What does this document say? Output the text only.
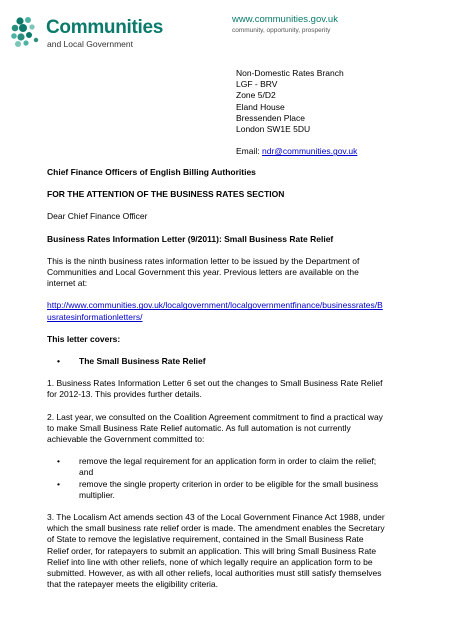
Communities
and Local Government
www.communities.gov.uk
community, opportunity, prosperity
Non-Domestic Rates Branch
LGF - BRV
Zone 5/D2
Eland House
Bressenden Place
London SW1E 5DU
Email: ndr@communities.gov.uk

Chief Finance Officers of English Billing Authorities

FOR THE ATTENTION OF THE BUSINESS RATES SECTION

Dear Chief Finance Officer

Business Rates Information Letter (9/2011): Small Business Rate Relief

This is the ninth business rates information letter to be issued by the Department of Communities and Local Government this year. Previous letters are available on the internet at:

http://www.communities.gov.uk/localgovernment/localgovernmentfinance/businessrates/Busratesinformationletters/

This letter covers:

• The Small Business Rate Relief

1. Business Rates Information Letter 6 set out the changes to Small Business Rate Relief for 2012-13. This provides further details.

2. Last year, we consulted on the Coalition Agreement commitment to find a practical way to make Small Business Rate Relief automatic. As full automation is not currently achievable the Government committed to:

• remove the legal requirement for an application form in order to claim the relief; and
• remove the single property criterion in order to be eligible for the small business multiplier.

3. The Localism Act amends section 43 of the Local Government Finance Act 1988, under which the small business rate relief order is made. The amendment enables the Secretary of State to remove the legislative requirement, contained in the Small Business Rate Relief order, for ratepayers to submit an application. This will bring Small Business Rate Relief into line with other reliefs, none of which legally require an application form to be submitted. However, as with all other reliefs, local authorities must still satisfy themselves that the ratepayer meets the eligibility criteria.
